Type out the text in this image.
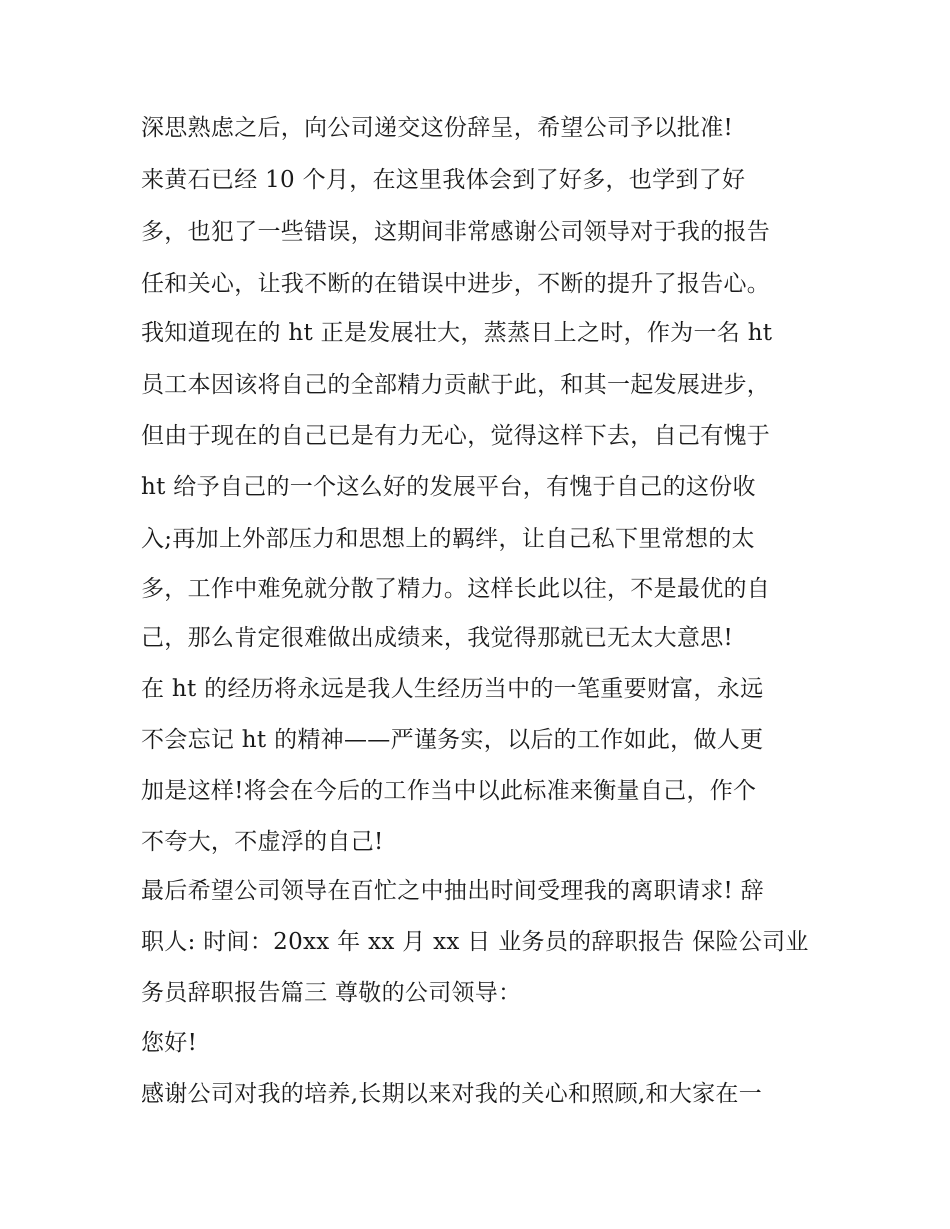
深思熟虑之后，向公司递交这份辞呈，希望公司予以批准!
来黄石已经 10 个月，在这里我体会到了好多，也学到了好
多，也犯了一些错误，这期间非常感谢公司领导对于我的报告
任和关心，让我不断的在错误中进步，不断的提升了报告心。
我知道现在的 ht 正是发展壮大，蒸蒸日上之时，作为一名 ht
员工本因该将自己的全部精力贡献于此，和其一起发展进步，
但由于现在的自己已是有力无心，觉得这样下去，自己有愧于
ht 给予自己的一个这么好的发展平台，有愧于自己的这份收
入;再加上外部压力和思想上的羁绊，让自己私下里常想的太
多，工作中难免就分散了精力。这样长此以往，不是最优的自
己，那么肯定很难做出成绩来，我觉得那就已无太大意思!
在 ht 的经历将永远是我人生经历当中的一笔重要财富，永远
不会忘记 ht 的精神——严谨务实，以后的工作如此，做人更
加是这样!将会在今后的工作当中以此标准来衡量自己，作个
不夸大，不虚浮的自己!
最后希望公司领导在百忙之中抽出时间受理我的离职请求! 辞
职人: 时间：20xx 年 xx 月 xx 日 业务员的辞职报告 保险公司业
务员辞职报告篇三 尊敬的公司领导：
您好!
感谢公司对我的培养,长期以来对我的关心和照顾,和大家在一
